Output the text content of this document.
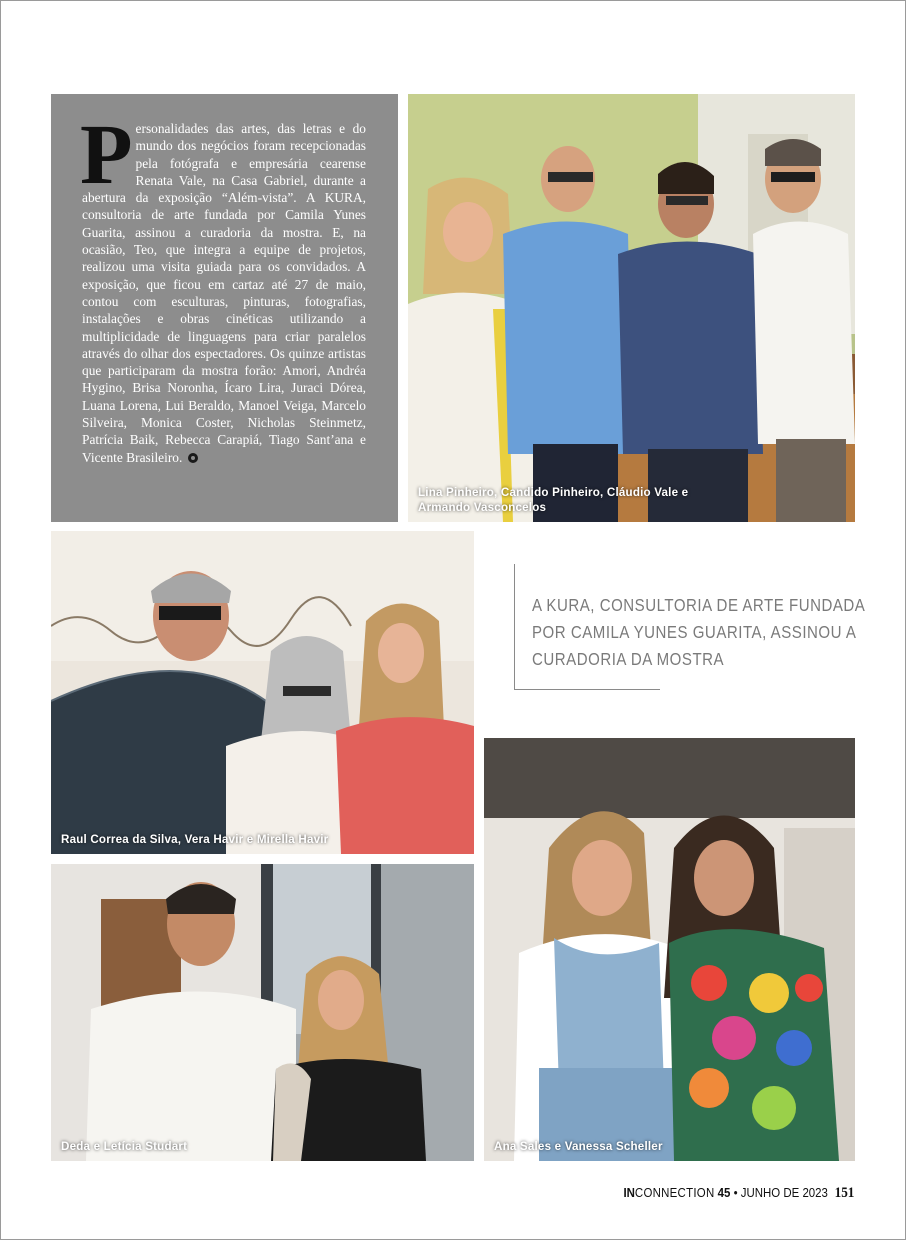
Personalidades das artes, das letras e do mundo dos negócios foram recepcionadas pela fotógrafa e empresária cearense Renata Vale, na Casa Gabriel, durante a abertura da exposição “Além-vista”. A KURA, consultoria de arte fundada por Camila Yunes Guarita, assinou a curadoria da mostra. E, na ocasião, Teo, que integra a equipe de projetos, realizou uma visita guiada para os convidados. A exposição, que ficou em cartaz até 27 de maio, contou com esculturas, pinturas, fotografias, instalações e obras cinéticas utilizando a multiplicidade de linguagens para criar paralelos através do olhar dos espectadores. Os quinze artistas que participaram da mostra forão: Amori, Andréa Hygino, Brisa Noronha, Ícaro Lira, Juraci Dórea, Luana Lorena, Lui Beraldo, Manoel Veiga, Marcelo Silveira, Monica Coster, Nicholas Steinmetz, Patrícia Baik, Rebecca Carapiá, Tiago Sant’ana e Vicente Brasileiro.

Lina Pinheiro, Candido Pinheiro, Cláudio Vale e Armando Vasconcelos
Raul Correa da Silva, Vera Havir e Mirella Havir
Deda e Letícia Studart	Ana Sales e Vanessa Scheller
A KURA, CONSULTORIA DE ARTE FUNDADA
POR CAMILA YUNES GUARITA, ASSINOU A
CURADORIA DA MOSTRA
INCONNECTION 45 • JUNHO DE 2023 151
